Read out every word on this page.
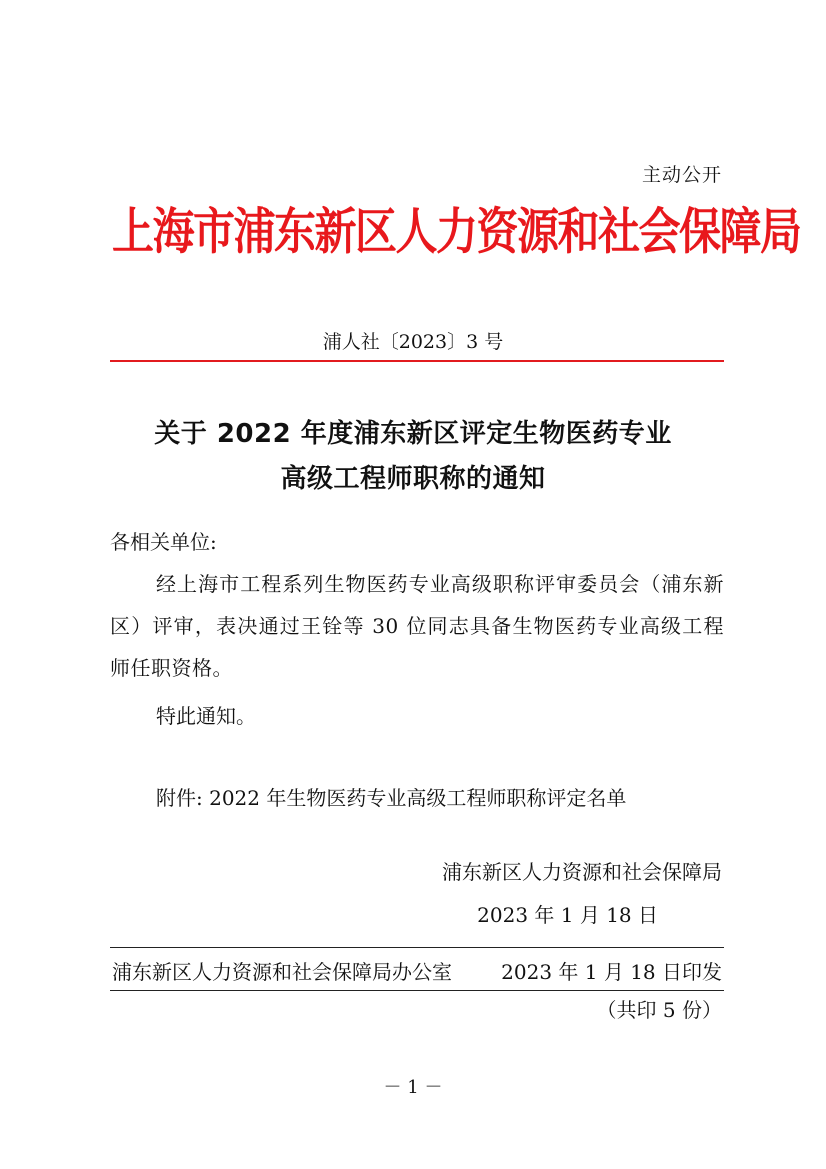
主动公开
上海市浦东新区人力资源和社会保障局
浦人社〔2023〕3 号
关于 2022 年度浦东新区评定生物医药专业
高级工程师职称的通知
各相关单位:
经上海市工程系列生物医药专业高级职称评审委员会（浦东新区）评审，表决通过王铨等 30 位同志具备生物医药专业高级工程师任职资格。
特此通知。
附件: 2022 年生物医药专业高级工程师职称评定名单
浦东新区人力资源和社会保障局
2023 年 1 月 18 日
浦东新区人力资源和社会保障局办公室 2023 年 1 月 18 日印发
（共印 5 份）
－ 1 －
